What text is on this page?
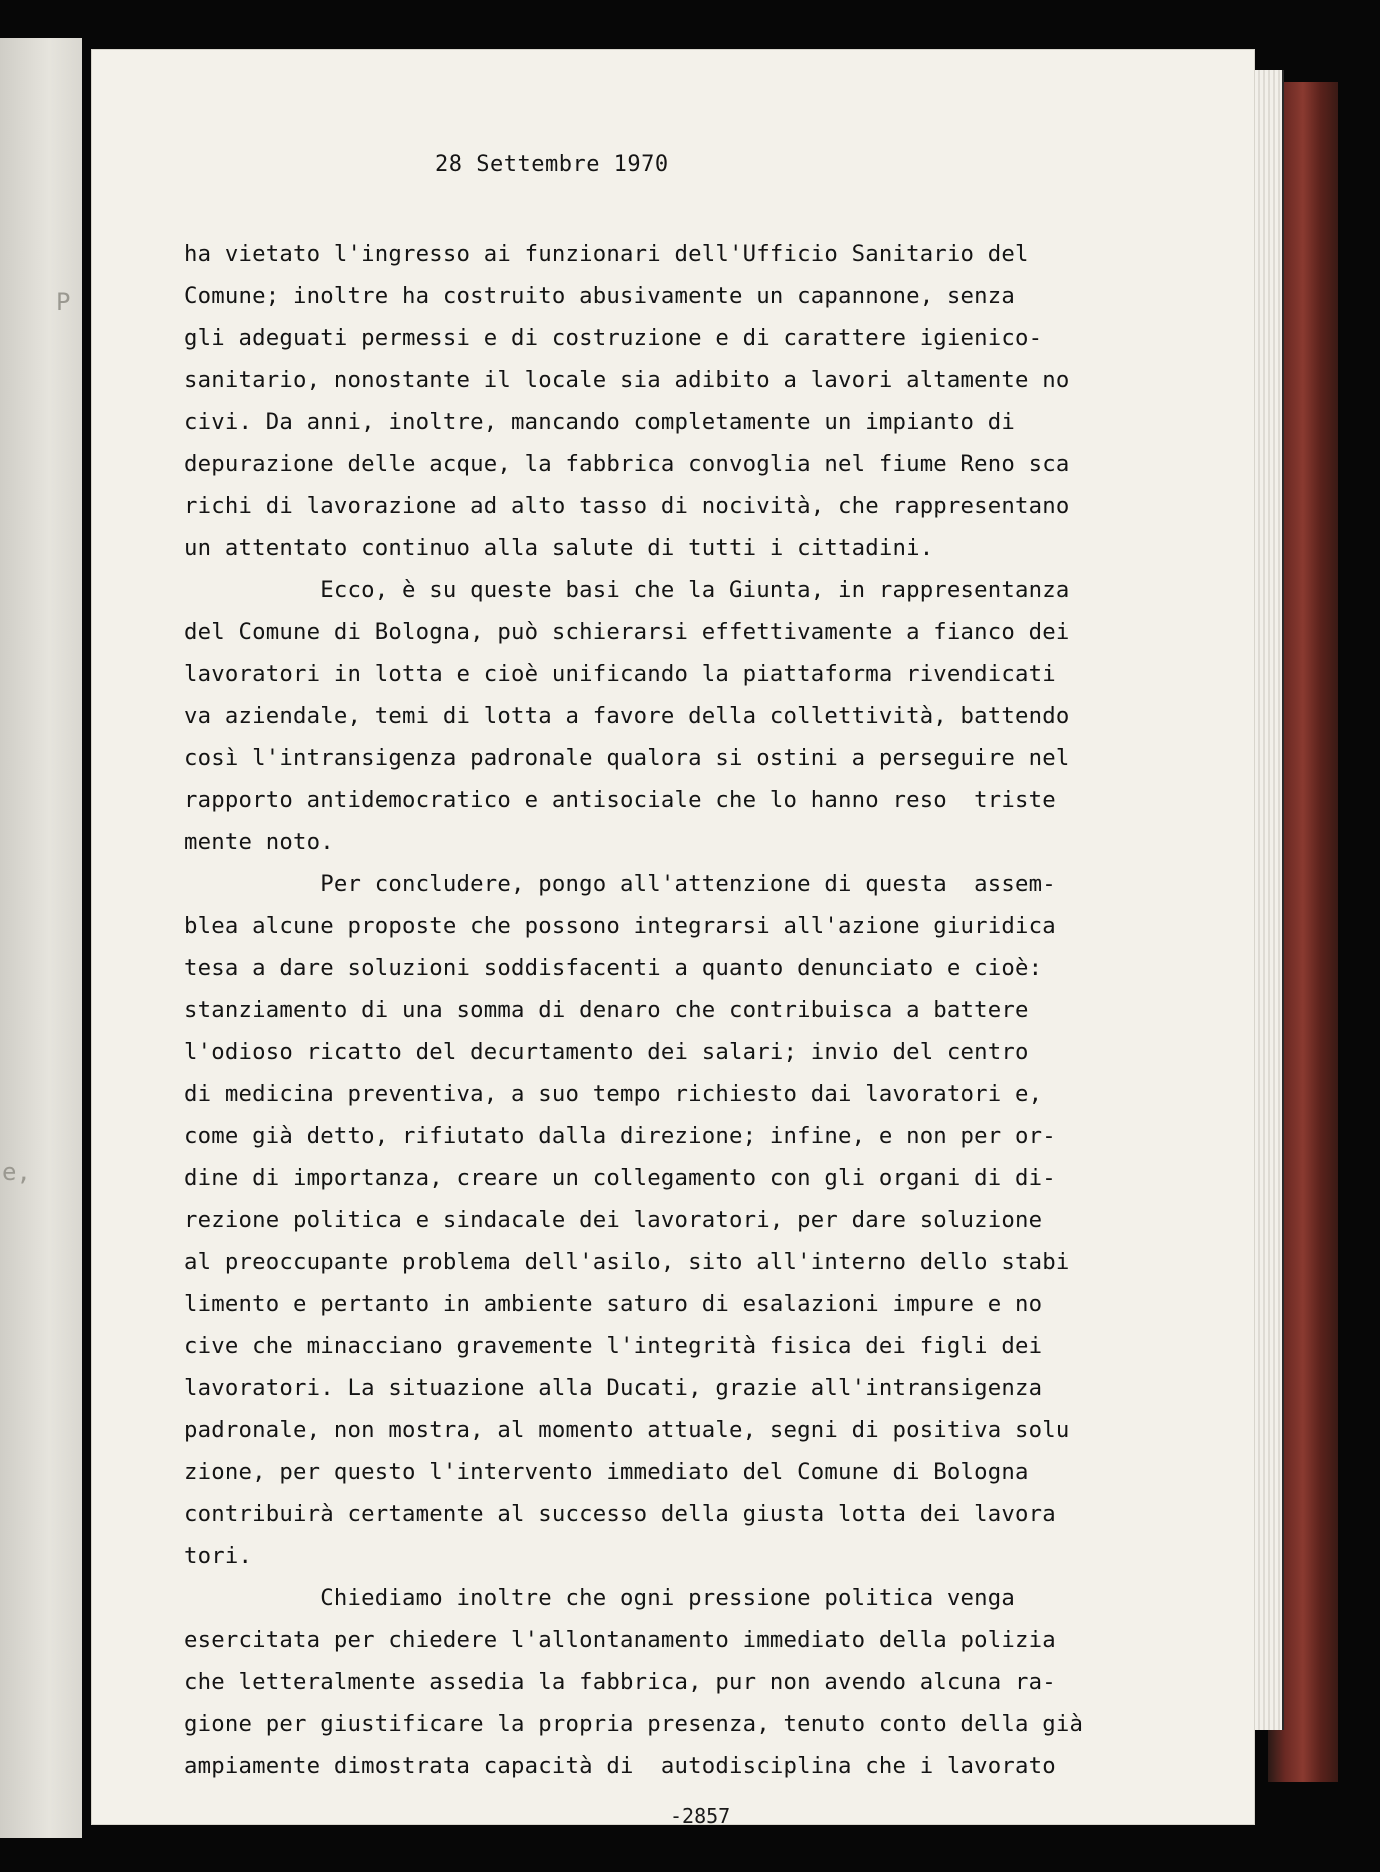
P
e,
28 Settembre 1970
ha vietato l'ingresso ai funzionari dell'Ufficio Sanitario del
Comune; inoltre ha costruito abusivamente un capannone, senza
gli adeguati permessi e di costruzione e di carattere igienico-
sanitario, nonostante il locale sia adibito a lavori altamente no
civi. Da anni, inoltre, mancando completamente un impianto di
depurazione delle acque, la fabbrica convoglia nel fiume Reno sca
richi di lavorazione ad alto tasso di nocività, che rappresentano
un attentato continuo alla salute di tutti i cittadini.
Ecco, è su queste basi che la Giunta, in rappresentanza
del Comune di Bologna, può schierarsi effettivamente a fianco dei
lavoratori in lotta e cioè unificando la piattaforma rivendicati
va aziendale, temi di lotta a favore della collettività, battendo
così l'intransigenza padronale qualora si ostini a perseguire nel
rapporto antidemocratico e antisociale che lo hanno reso  triste
mente noto.
Per concludere, pongo all'attenzione di questa  assem-
blea alcune proposte che possono integrarsi all'azione giuridica
tesa a dare soluzioni soddisfacenti a quanto denunciato e cioè:
stanziamento di una somma di denaro che contribuisca a battere
l'odioso ricatto del decurtamento dei salari; invio del centro
di medicina preventiva, a suo tempo richiesto dai lavoratori e,
come già detto, rifiutato dalla direzione; infine, e non per or-
dine di importanza, creare un collegamento con gli organi di di-
rezione politica e sindacale dei lavoratori, per dare soluzione
al preoccupante problema dell'asilo, sito all'interno dello stabi
limento e pertanto in ambiente saturo di esalazioni impure e no
cive che minacciano gravemente l'integrità fisica dei figli dei
lavoratori. La situazione alla Ducati, grazie all'intransigenza
padronale, non mostra, al momento attuale, segni di positiva solu
zione, per questo l'intervento immediato del Comune di Bologna
contribuirà certamente al successo della giusta lotta dei lavora
tori.
Chiediamo inoltre che ogni pressione politica venga
esercitata per chiedere l'allontanamento immediato della polizia
che letteralmente assedia la fabbrica, pur non avendo alcuna ra-
gione per giustificare la propria presenza, tenuto conto della già
ampiamente dimostrata capacità di  autodisciplina che i lavorato
-2857
